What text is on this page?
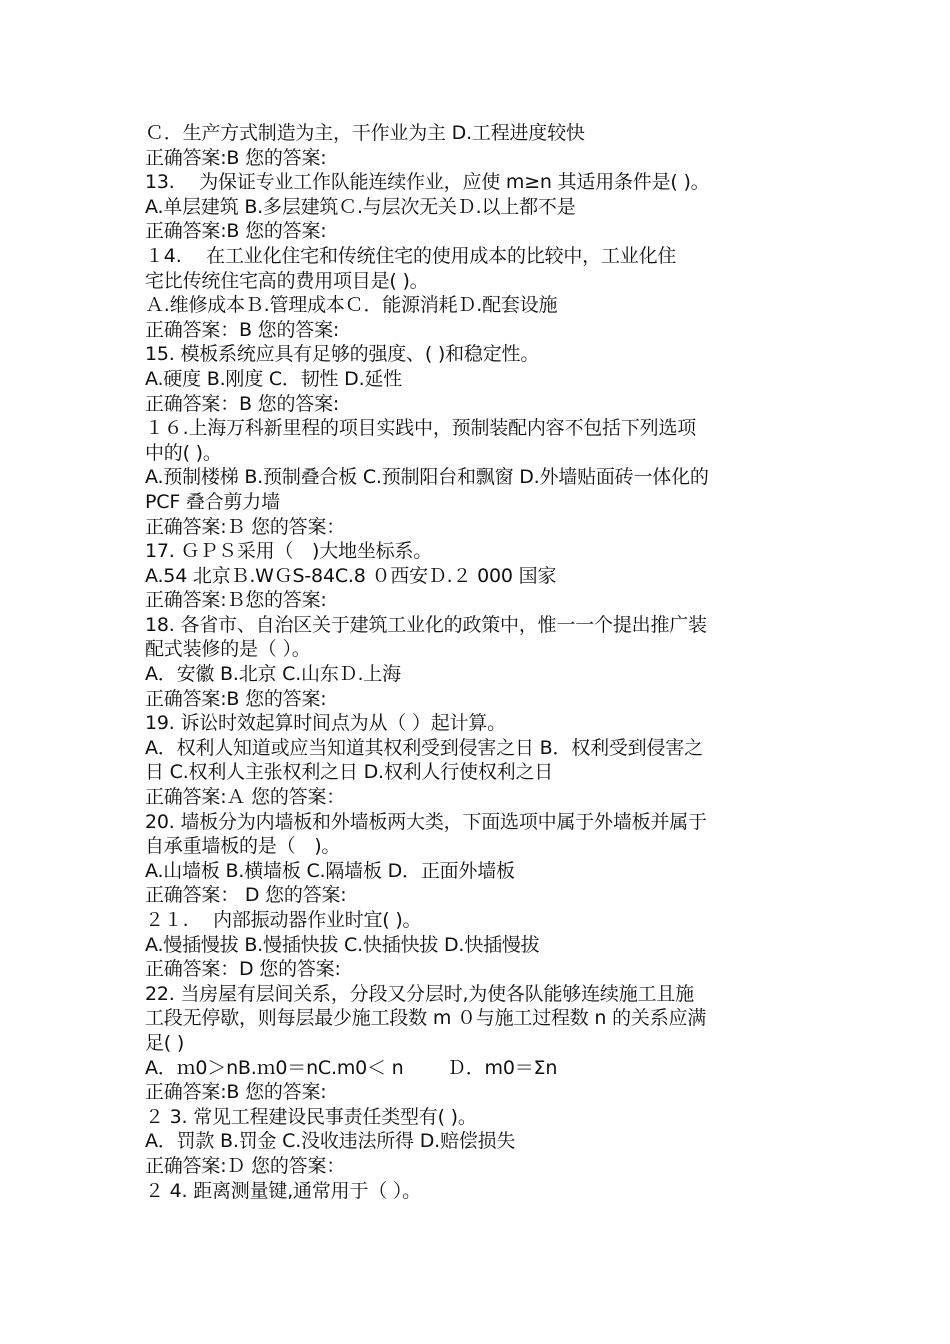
Ｃ．生产方式制造为主，干作业为主 D.工程进度较快
正确答案:B 您的答案:
13.　 为保证专业工作队能连续作业，应使 m≥n 其适用条件是( )。
A.单层建筑 B.多层建筑Ｃ.与层次无关Ｄ.以上都不是
正确答案:B 您的答案:
１4.　 在工业化住宅和传统住宅的使用成本的比较中，工业化住
宅比传统住宅高的费用项目是( )。
Ａ.维修成本Ｂ.管理成本Ｃ．能源消耗Ｄ.配套设施
正确答案：B 您的答案:
15. 模板系统应具有足够的强度、( )和稳定性。
A.硬度 B.刚度 C．韧性 D.延性
正确答案：B 您的答案:
１６.上海万科新里程的项目实践中，预制装配内容不包括下列选项
中的( )。
A.预制楼梯 B.预制叠合板 C.预制阳台和飘窗 D.外墙贴面砖一体化的
PCF 叠合剪力墙
正确答案:Ｂ 您的答案：
17. ＧＰＳ采用（　)大地坐标系。
A.54 北京Ｂ.WＧS-84C.8 ０西安Ｄ.２ 000 国家
正确答案:Ｂ您的答案:
18. 各省市、自治区关于建筑工业化的政策中，惟一一个提出推广装
配式装修的是（ ）。
A．安徽 B.北京 C.山东Ｄ.上海
正确答案:B 您的答案:
19. 诉讼时效起算时间点为从（ ）起计算。
A．权利人知道或应当知道其权利受到侵害之日 B．权利受到侵害之
日 C.权利人主张权利之日 D.权利人行使权利之日
正确答案:Ａ 您的答案：
20. 墙板分为内墙板和外墙板两大类，下面选项中属于外墙板并属于
自承重墙板的是（　)。
A.山墙板 B.横墙板 C.隔墙板 D．正面外墙板
正确答案： D 您的答案:
２１.　 内部振动器作业时宜( )。
A.慢插慢拔 B.慢插快拔 C.快插快拔 D.快插慢拔
正确答案：D 您的答案:
22. 当房屋有层间关系，分段又分层时,为使各队能够连续施工且施
工段无停歇，则每层最少施工段数 m ０与施工过程数 n 的关系应满
足( )
A．ｍ0＞nB.ｍ0＝nC.m0＜ n　　 Ｄ．m0＝Σn
正确答案:B 您的答案:
２ 3. 常见工程建设民事责任类型有( )。
A．罚款 B.罚金 C.没收违法所得 D.赔偿损失
正确答案:Ｄ 您的答案：
２ 4. 距离测量键,通常用于（ ）。
